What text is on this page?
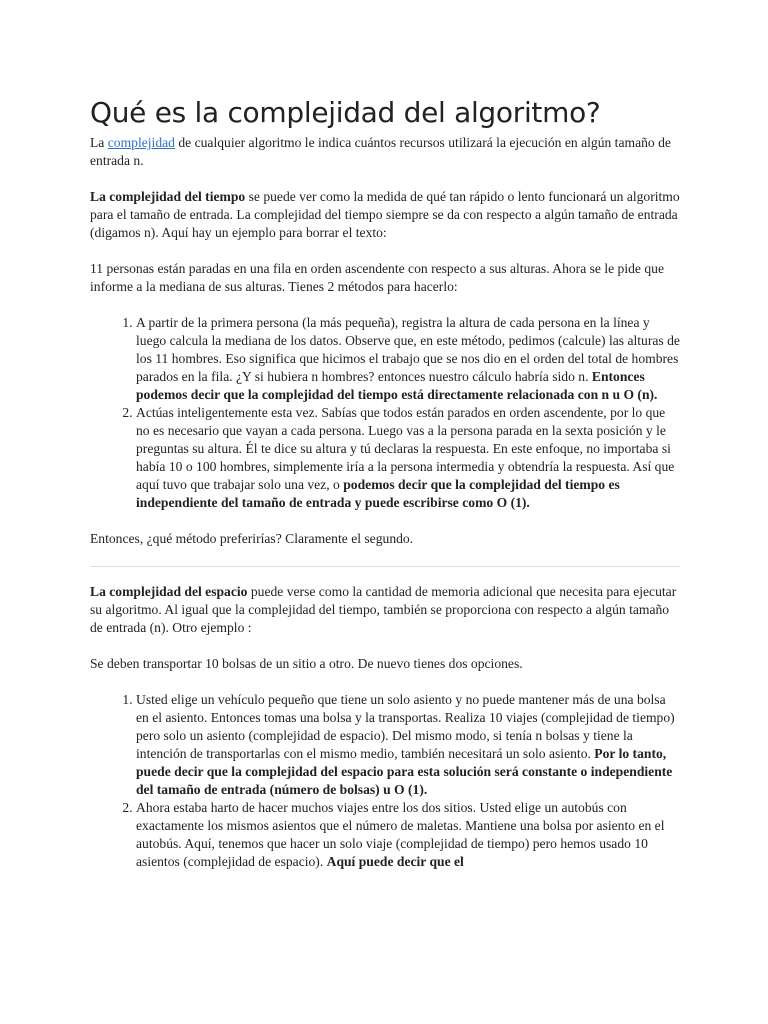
Qué es la complejidad del algoritmo?

La complejidad de cualquier algoritmo le indica cuántos recursos utilizará la ejecución en algún tamaño de entrada n.

La complejidad del tiempo se puede ver como la medida de qué tan rápido o lento funcionará un algoritmo para el tamaño de entrada. La complejidad del tiempo siempre se da con respecto a algún tamaño de entrada (digamos n). Aquí hay un ejemplo para borrar el texto:

11 personas están paradas en una fila en orden ascendente con respecto a sus alturas. Ahora se le pide que informe a la mediana de sus alturas. Tienes 2 métodos para hacerlo:

1. A partir de la primera persona (la más pequeña), registra la altura de cada persona en la línea y luego calcula la mediana de los datos. Observe que, en este método, pedimos (calcule) las alturas de los 11 hombres. Eso significa que hicimos el trabajo que se nos dio en el orden del total de hombres parados en la fila. ¿Y si hubiera n hombres? entonces nuestro cálculo habría sido n. Entonces podemos decir que la complejidad del tiempo está directamente relacionada con n u O (n).
2. Actúas inteligentemente esta vez. Sabías que todos están parados en orden ascendente, por lo que no es necesario que vayan a cada persona. Luego vas a la persona parada en la sexta posición y le preguntas su altura. Él te dice su altura y tú declaras la respuesta. En este enfoque, no importaba si había 10 o 100 hombres, simplemente iría a la persona intermedia y obtendría la respuesta. Así que aquí tuvo que trabajar solo una vez, o podemos decir que la complejidad del tiempo es independiente del tamaño de entrada y puede escribirse como O (1).

Entonces, ¿qué método preferirías? Claramente el segundo.

La complejidad del espacio puede verse como la cantidad de memoria adicional que necesita para ejecutar su algoritmo. Al igual que la complejidad del tiempo, también se proporciona con respecto a algún tamaño de entrada (n). Otro ejemplo :

Se deben transportar 10 bolsas de un sitio a otro. De nuevo tienes dos opciones.

1. Usted elige un vehículo pequeño que tiene un solo asiento y no puede mantener más de una bolsa en el asiento. Entonces tomas una bolsa y la transportas. Realiza 10 viajes (complejidad de tiempo) pero solo un asiento (complejidad de espacio). Del mismo modo, si tenía n bolsas y tiene la intención de transportarlas con el mismo medio, también necesitará un solo asiento. Por lo tanto, puede decir que la complejidad del espacio para esta solución será constante o independiente del tamaño de entrada (número de bolsas) u O (1).
2. Ahora estaba harto de hacer muchos viajes entre los dos sitios. Usted elige un autobús con exactamente los mismos asientos que el número de maletas. Mantiene una bolsa por asiento en el autobús. Aquí, tenemos que hacer un solo viaje (complejidad de tiempo) pero hemos usado 10 asientos (complejidad de espacio). Aquí puede decir que el
